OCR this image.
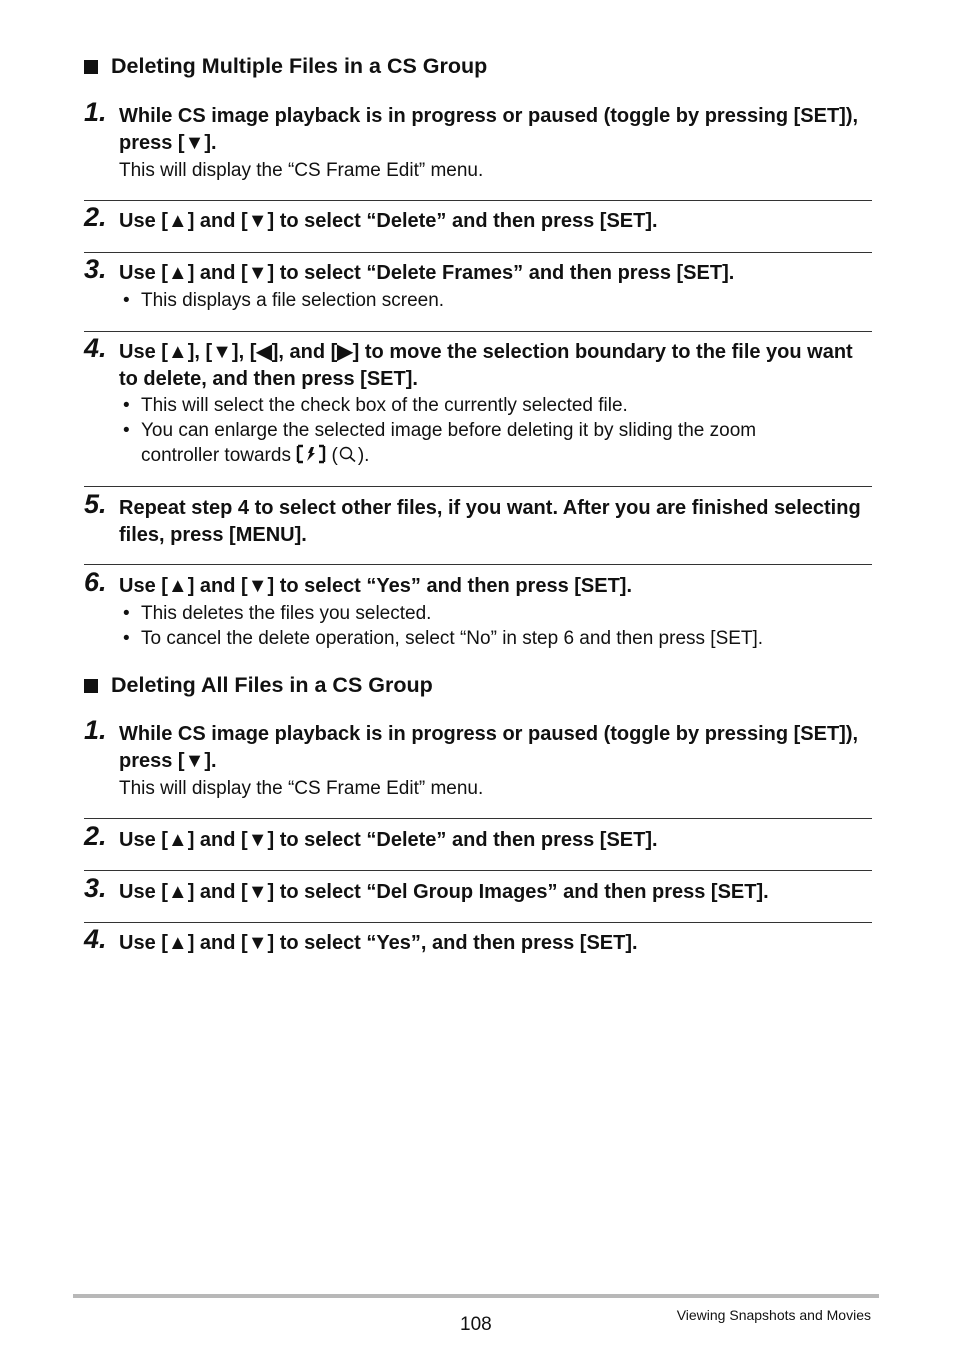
Deleting Multiple Files in a CS Group
1. While CS image playback is in progress or paused (toggle by pressing [SET]), press [▼].
This will display the “CS Frame Edit” menu.
2. Use [▲] and [▼] to select “Delete” and then press [SET].
3. Use [▲] and [▼] to select “Delete Frames” and then press [SET].
• This displays a file selection screen.
4. Use [▲], [▼], [◀], and [▶] to move the selection boundary to the file you want to delete, and then press [SET].
• This will select the check box of the currently selected file.
• You can enlarge the selected image before deleting it by sliding the zoom
controller towards ( ).
5. Repeat step 4 to select other files, if you want. After you are finished selecting files, press [MENU].
6. Use [▲] and [▼] to select “Yes” and then press [SET].
• This deletes the files you selected.
• To cancel the delete operation, select “No” in step 6 and then press [SET].
Deleting All Files in a CS Group
1. While CS image playback is in progress or paused (toggle by pressing [SET]), press [▼].
This will display the “CS Frame Edit” menu.
2. Use [▲] and [▼] to select “Delete” and then press [SET].
3. Use [▲] and [▼] to select “Del Group Images” and then press [SET].
4. Use [▲] and [▼] to select “Yes”, and then press [SET].
108	Viewing Snapshots and Movies
